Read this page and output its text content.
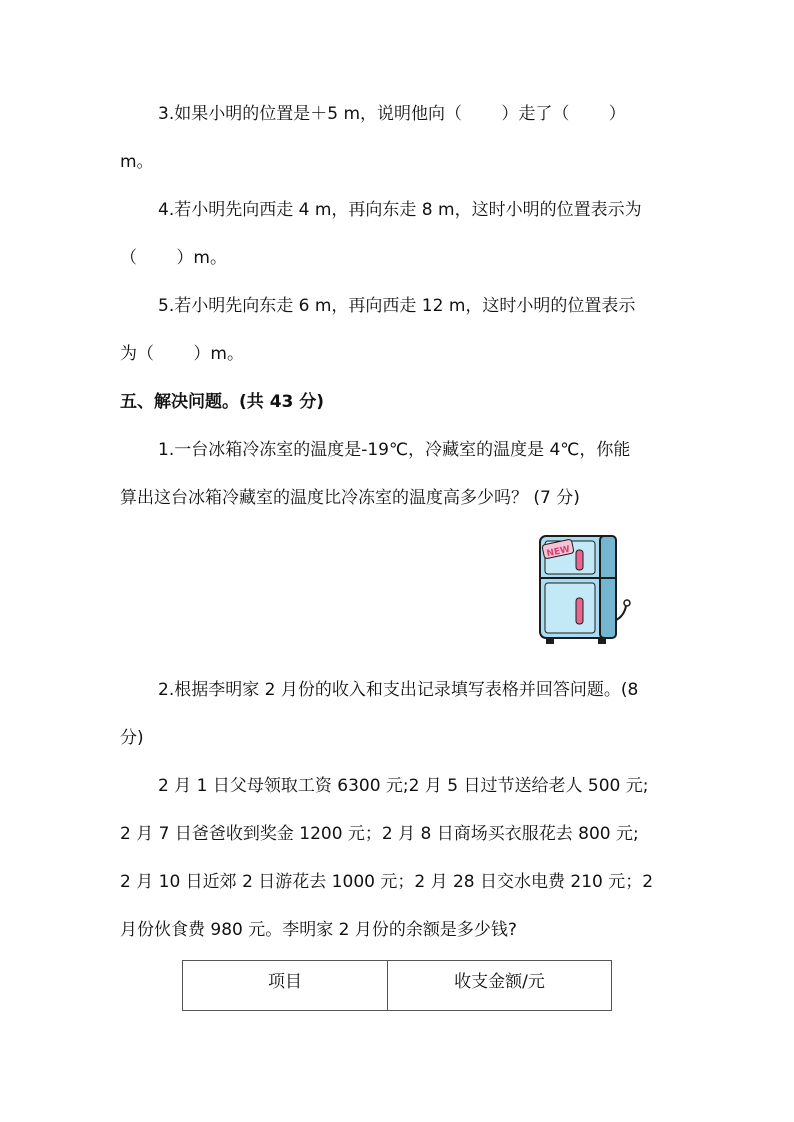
3.如果小明的位置是＋5 m，说明他向（　　 ）走了（　　 ）
m。
4.若小明先向西走 4 m，再向东走 8 m，这时小明的位置表示为
（　　 ）m。
5.若小明先向东走 6 m，再向西走 12 m，这时小明的位置表示
为（　　 ）m。
五、解决问题。(共 43 分)
1.一台冰箱冷冻室的温度是-19℃，冷藏室的温度是 4℃，你能
算出这台冰箱冷藏室的温度比冷冻室的温度高多少吗？ (7 分)
NEW
2.根据李明家 2 月份的收入和支出记录填写表格并回答问题。(8
分)
2 月 1 日父母领取工资 6300 元;2 月 5 日过节送给老人 500 元;
2 月 7 日爸爸收到奖金 1200 元；2 月 8 日商场买衣服花去 800 元;
2 月 10 日近郊 2 日游花去 1000 元；2 月 28 日交水电费 210 元；2
月份伙食费 980 元。李明家 2 月份的余额是多少钱?
项目	收支金额/元
